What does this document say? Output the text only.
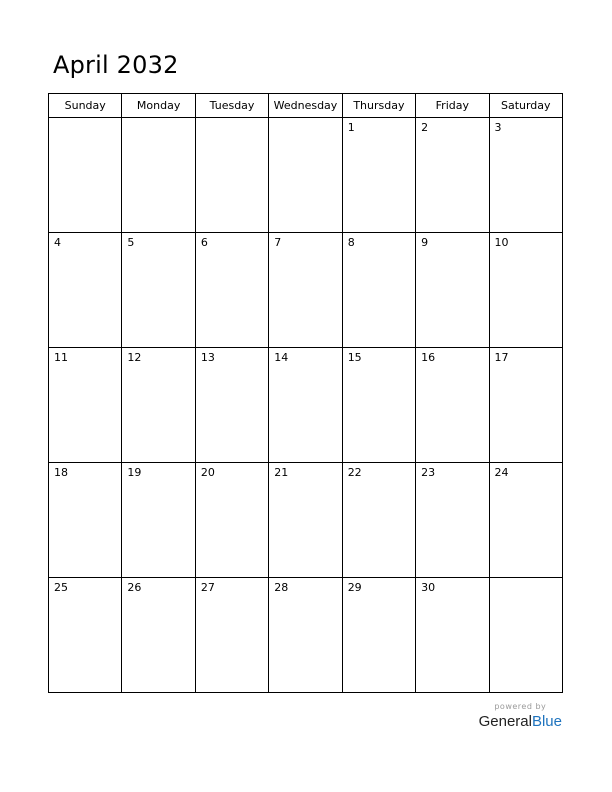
April 2032
Sunday	Monday	Tuesday	Wednesday	Thursday	Friday	Saturday

				1	2	3

4	5	6	7	8	9	10

11	12	13	14	15	16	17

18	19	20	21	22	23	24

25	26	27	28	29	30	

powered by
GeneralBlue
